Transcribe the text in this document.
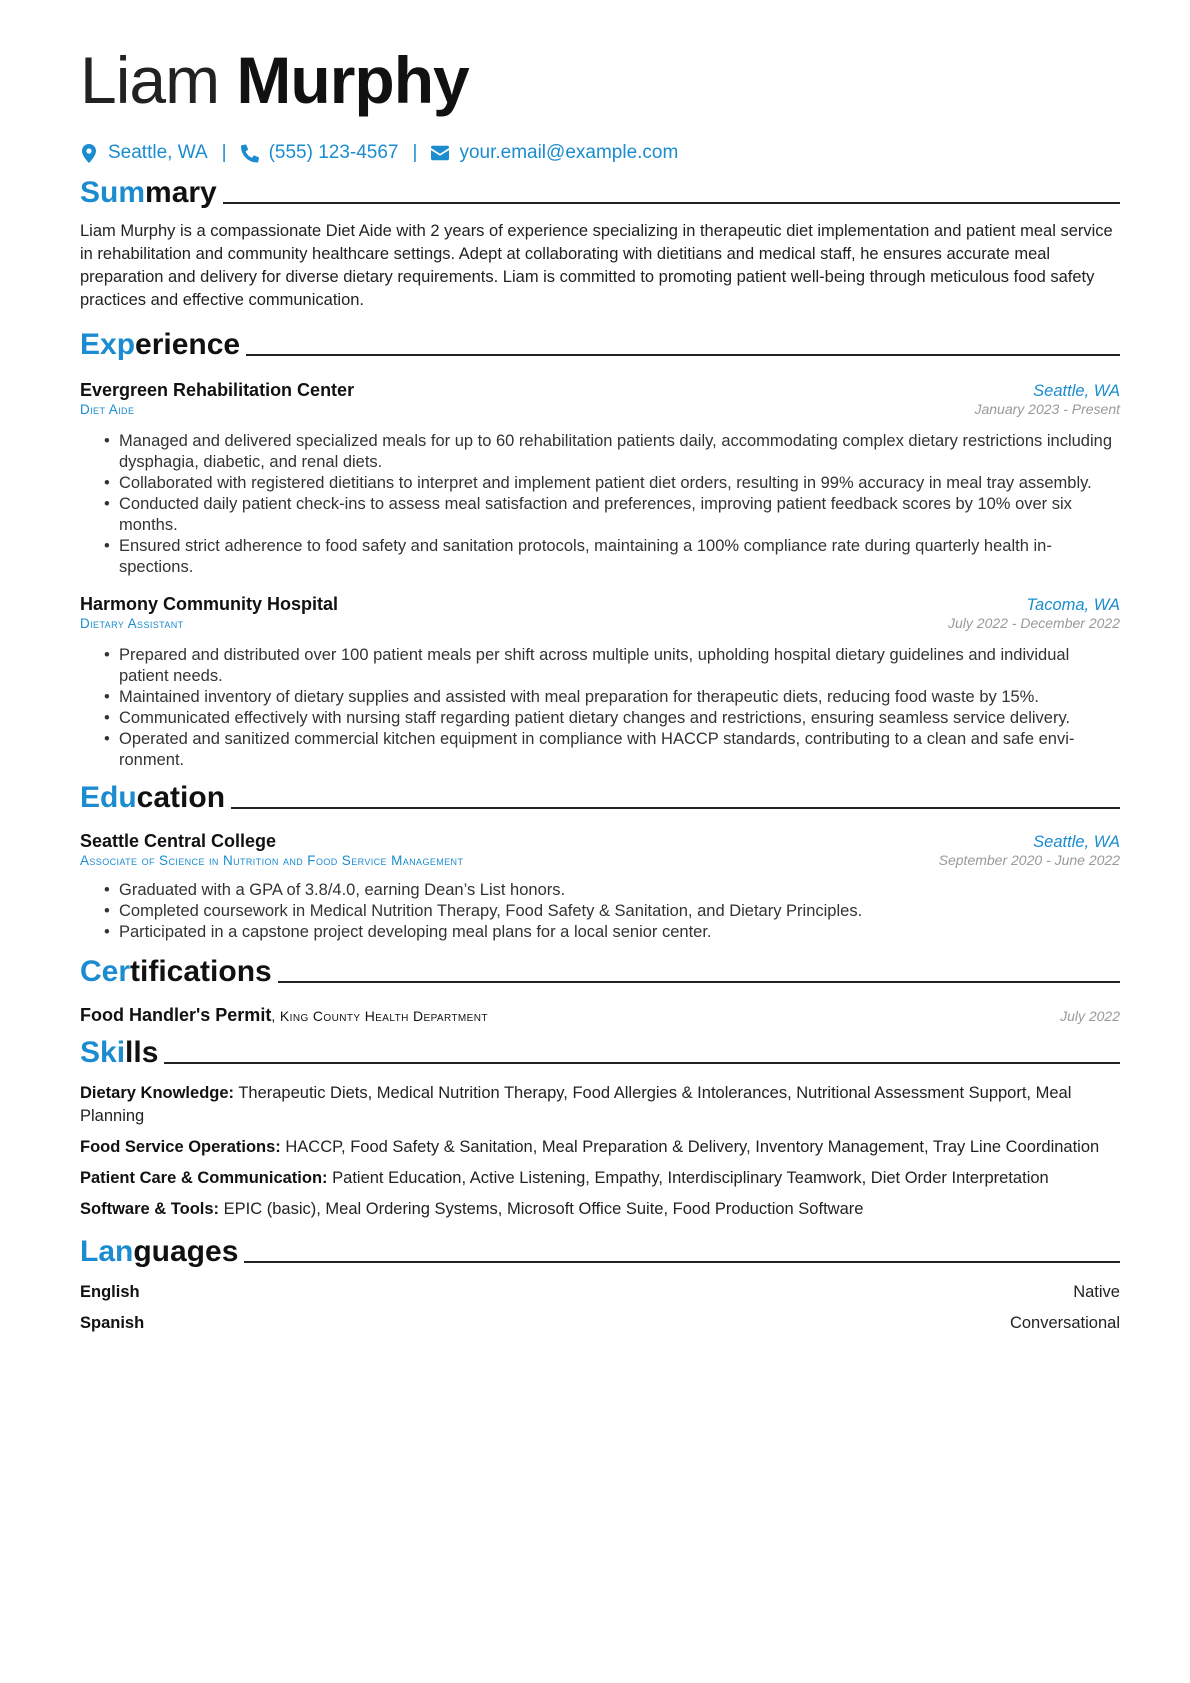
Liam Murphy
Seattle, WA | (555) 123-4567 | your.email@example.com
Summary

Liam Murphy is a compassionate Diet Aide with 2 years of experience specializing in therapeutic diet implementation and patient meal service in rehabilitation and community healthcare settings. Adept at collaborating with dietitians and medical staff, he ensures accurate meal preparation and delivery for diverse dietary requirements. Liam is committed to promoting patient well-being through meticulous food safety practices and effective communication.

Experience
Evergreen Rehabilitation Center	Seattle, WA
Diet Aide	January 2023 - Present
• Managed and delivered specialized meals for up to 60 rehabilitation patients daily, accommodating complex dietary restrictions including dysphagia, diabetic, and renal diets.
• Collaborated with registered dietitians to interpret and implement patient diet orders, resulting in 99% accuracy in meal tray assembly.
• Conducted daily patient check-ins to assess meal satisfaction and preferences, improving patient feedback scores by 10% over six months.
• Ensured strict adherence to food safety and sanitation protocols, maintaining a 100% compliance rate during quarterly health inspections.
Harmony Community Hospital	Tacoma, WA
Dietary Assistant	July 2022 - December 2022
• Prepared and distributed over 100 patient meals per shift across multiple units, upholding hospital dietary guidelines and individual patient needs.
• Maintained inventory of dietary supplies and assisted with meal preparation for therapeutic diets, reducing food waste by 15%.
• Communicated effectively with nursing staff regarding patient dietary changes and restrictions, ensuring seamless service delivery.
• Operated and sanitized commercial kitchen equipment in compliance with HACCP standards, contributing to a clean and safe environment.
Education
Seattle Central College	Seattle, WA
Associate of Science in Nutrition and Food Service Management	September 2020 - June 2022
• Graduated with a GPA of 3.8/4.0, earning Dean’s List honors.
• Completed coursework in Medical Nutrition Therapy, Food Safety & Sanitation, and Dietary Principles.
• Participated in a capstone project developing meal plans for a local senior center.
Certifications
Food Handler's Permit, King County Health Department	July 2022
Skills
Dietary Knowledge: Therapeutic Diets, Medical Nutrition Therapy, Food Allergies & Intolerances, Nutritional Assessment Support, Meal Planning
Food Service Operations: HACCP, Food Safety & Sanitation, Meal Preparation & Delivery, Inventory Management, Tray Line Coordination
Patient Care & Communication: Patient Education, Active Listening, Empathy, Interdisciplinary Teamwork, Diet Order Interpretation
Software & Tools: EPIC (basic), Meal Ordering Systems, Microsoft Office Suite, Food Production Software
Languages
English	Native
Spanish	Conversational
